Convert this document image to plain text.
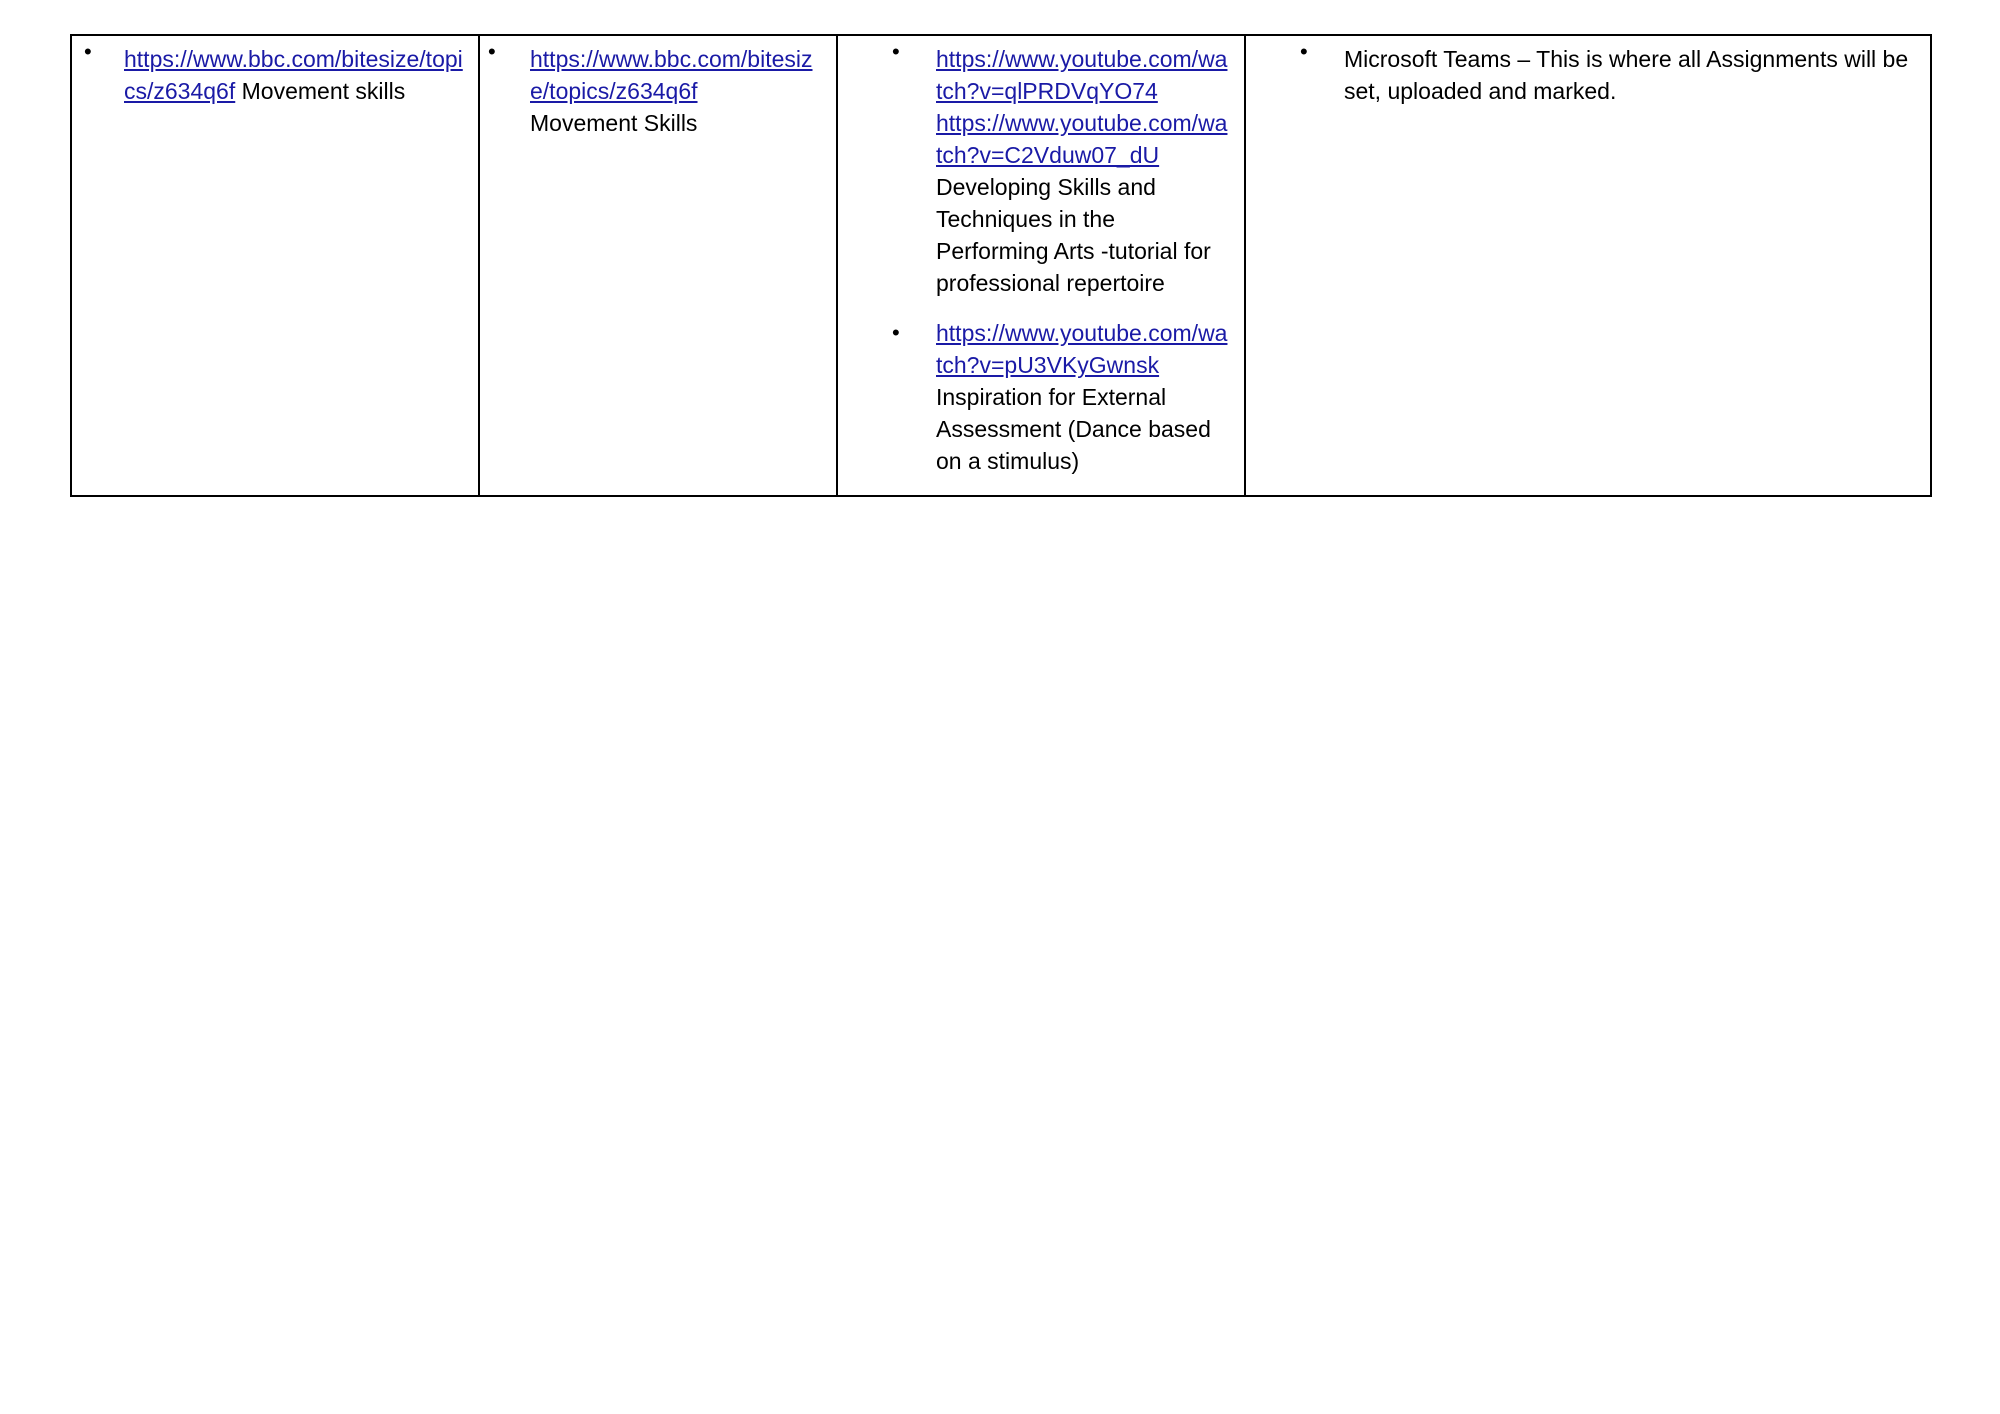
• https://www.bbc.com/bitesize/topics/z634q6f Movement skills

• https://www.bbc.com/bitesize/topics/z634q6f
Movement Skills

• https://www.youtube.com/watch?v=qlPRDVqYO74
https://www.youtube.com/watch?v=C2Vduw07_dU
Developing Skills and Techniques in the Performing Arts -tutorial for professional repertoire
• https://www.youtube.com/watch?v=pU3VKyGwnsk
Inspiration for External Assessment (Dance based on a stimulus)

• Microsoft Teams – This is where all Assignments will be set, uploaded and marked.
